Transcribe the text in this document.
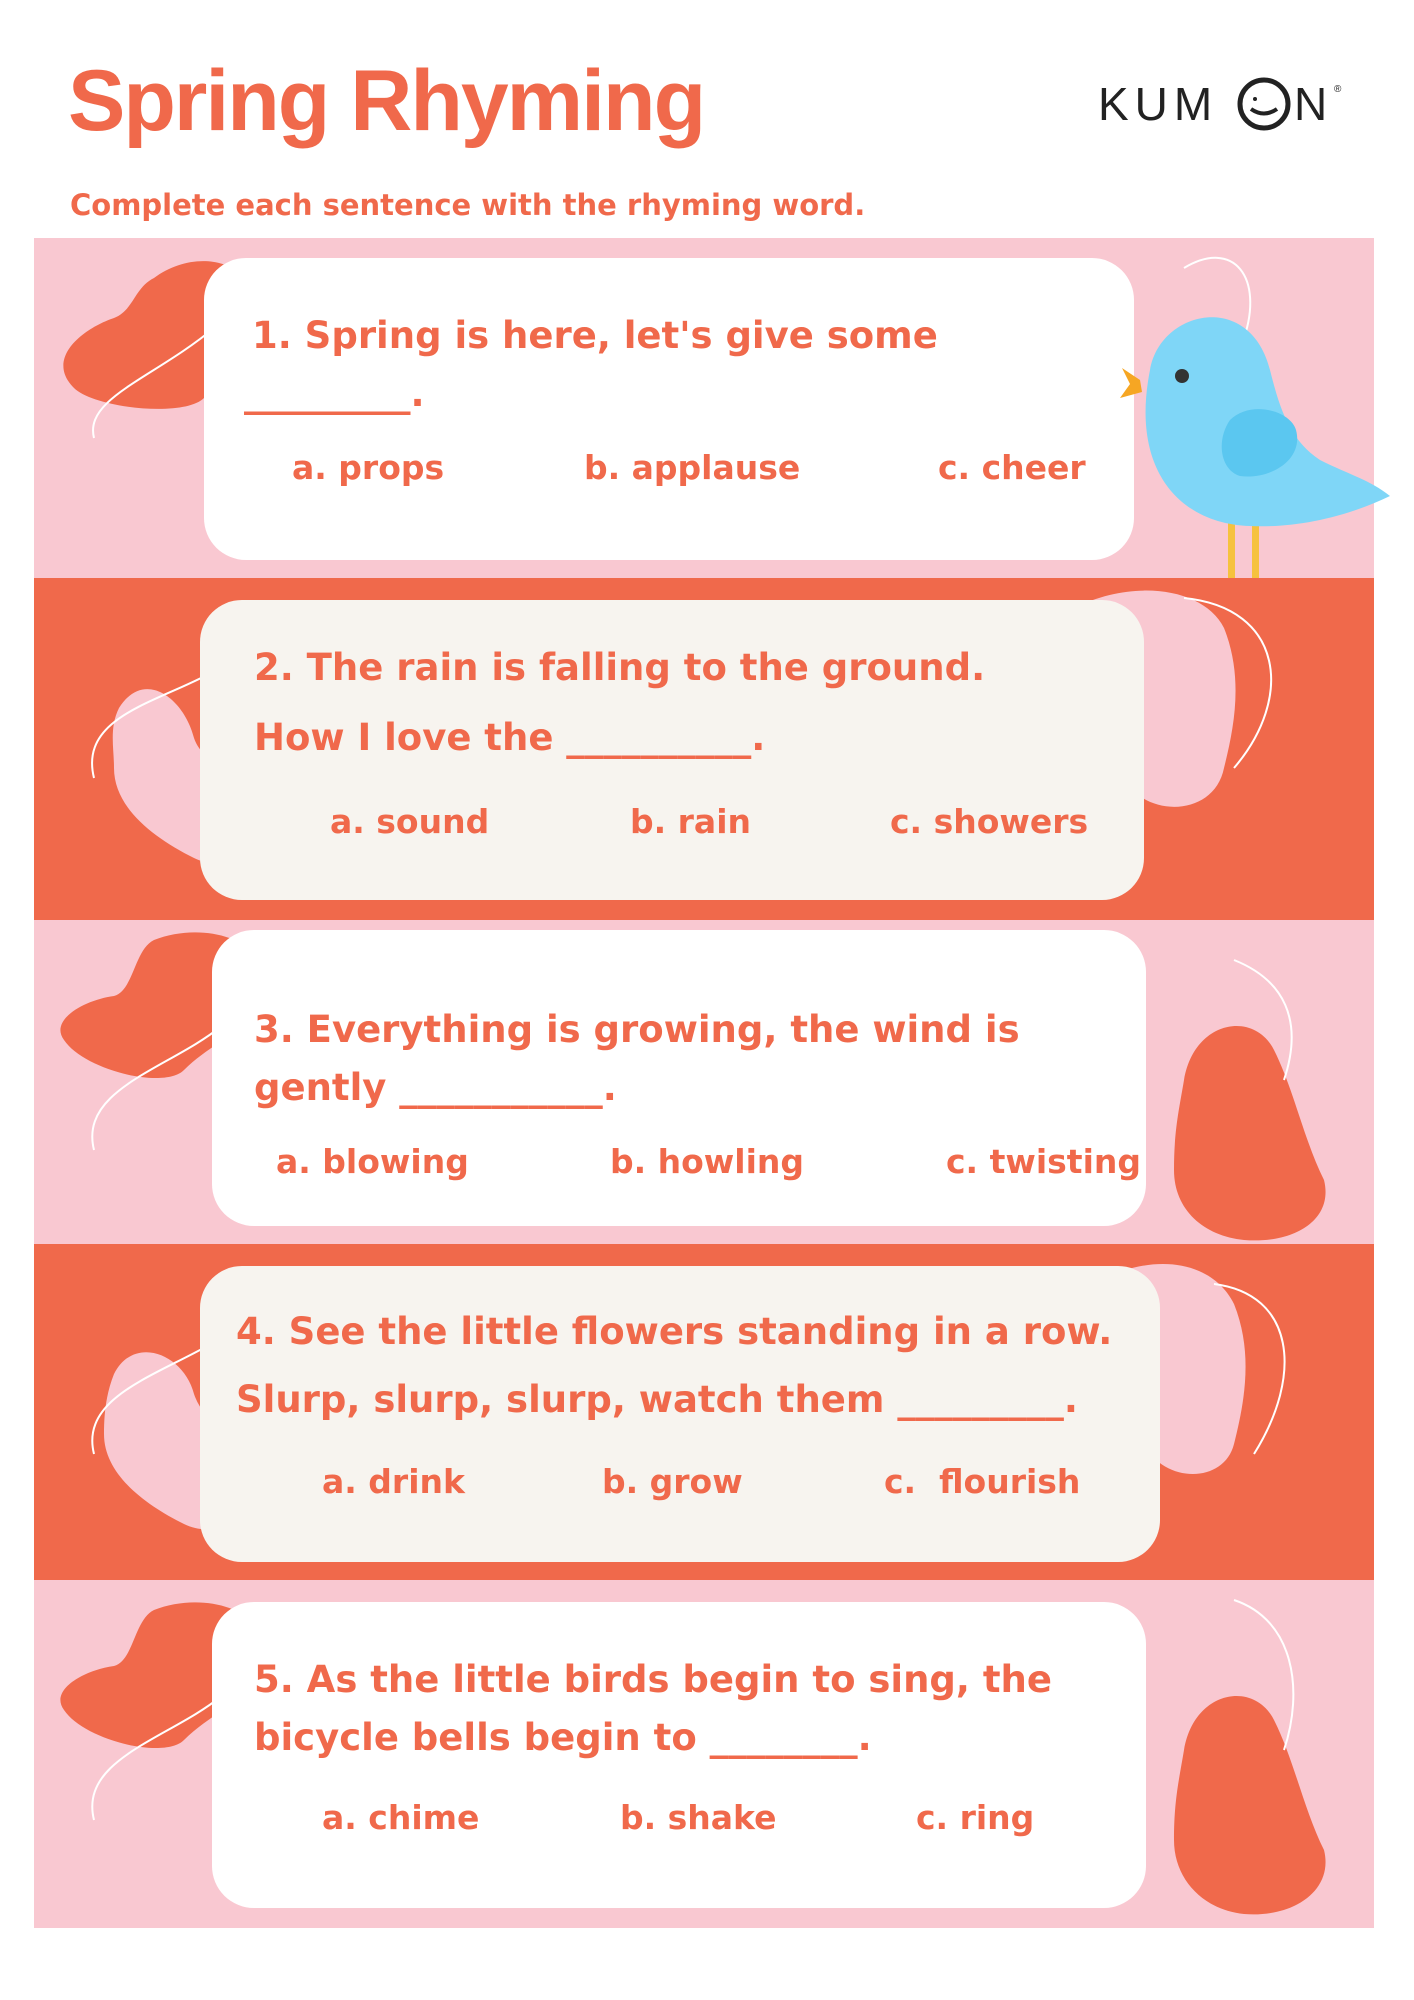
Spring Rhyming	KUM N ®
Complete each sentence with the rhyming word.
1. Spring is here, let's give some
_________.
a. props	b. applause	c. cheer
2. The rain is falling to the ground.
How I love the __________.
a. sound	b. rain	c. showers
3. Everything is growing, the wind is
gently ___________.
a. blowing	b. howling	c. twisting
4. See the little flowers standing in a row.
Slurp, slurp, slurp, watch them _________.
a. drink	b. grow	c.  flourish
5. As the little birds begin to sing, the
bicycle bells begin to ________.
a. chime	b. shake	c. ring
